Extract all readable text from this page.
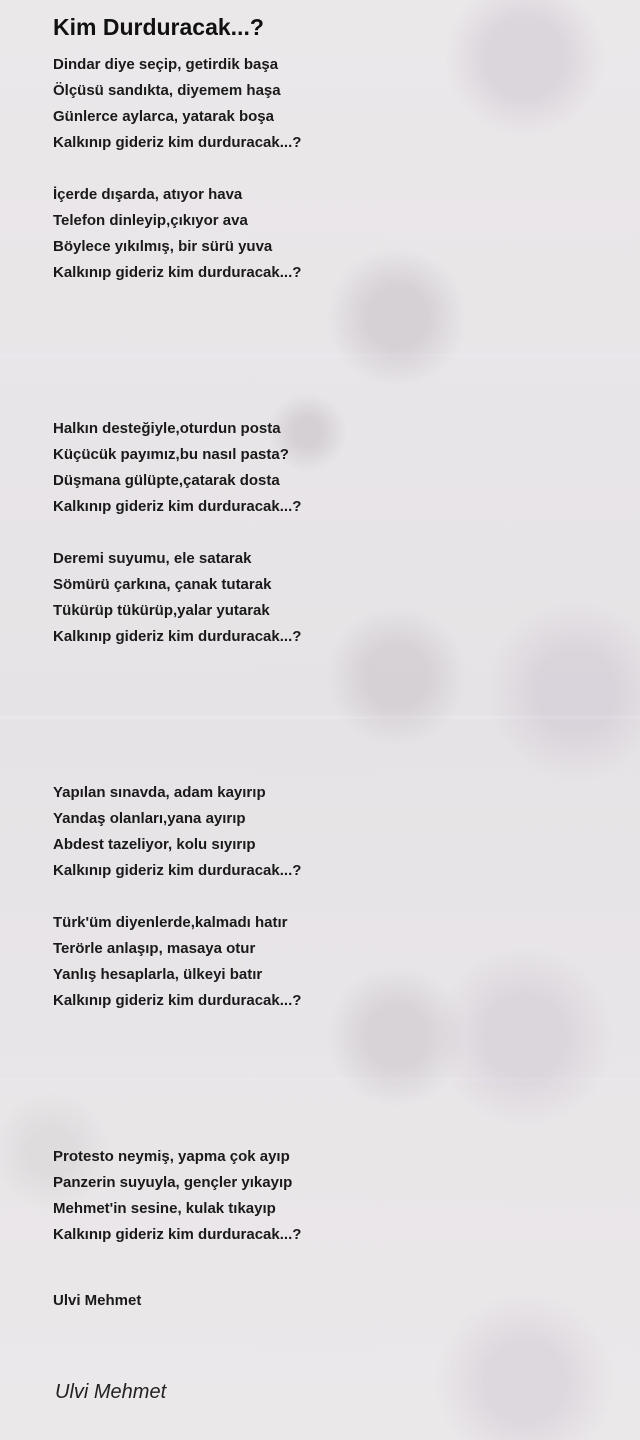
Kim Durduracak...?
Dindar diye seçip, getirdik başa
Ölçüsü sandıkta, diyemem haşa
Günlerce aylarca, yatarak boşa
Kalkınıp gideriz kim durduracak...?
İçerde dışarda, atıyor hava
Telefon dinleyip,çıkıyor ava
Böylece yıkılmış, bir sürü yuva
Kalkınıp gideriz kim durduracak...?
Halkın desteğiyle,oturdun posta
Küçücük payımız,bu nasıl pasta?
Düşmana gülüpte,çatarak dosta
Kalkınıp gideriz kim durduracak...?
Deremi suyumu, ele satarak
Sömürü çarkına, çanak tutarak
Tükürüp tükürüp,yalar yutarak
Kalkınıp gideriz kim durduracak...?
Yapılan sınavda, adam kayırıp
Yandaş olanları,yana ayırıp
Abdest tazeliyor, kolu sıyırıp
Kalkınıp gideriz kim durduracak...?
Türk'üm diyenlerde,kalmadı hatır
Terörle anlaşıp, masaya otur
Yanlış hesaplarla, ülkeyi batır
Kalkınıp gideriz kim durduracak...?
Protesto neymiş, yapma çok ayıp
Panzerin suyuyla, gençler yıkayıp
Mehmet'in sesine, kulak tıkayıp
Kalkınıp gideriz kim durduracak...?
Ulvi Mehmet
Ulvi Mehmet
